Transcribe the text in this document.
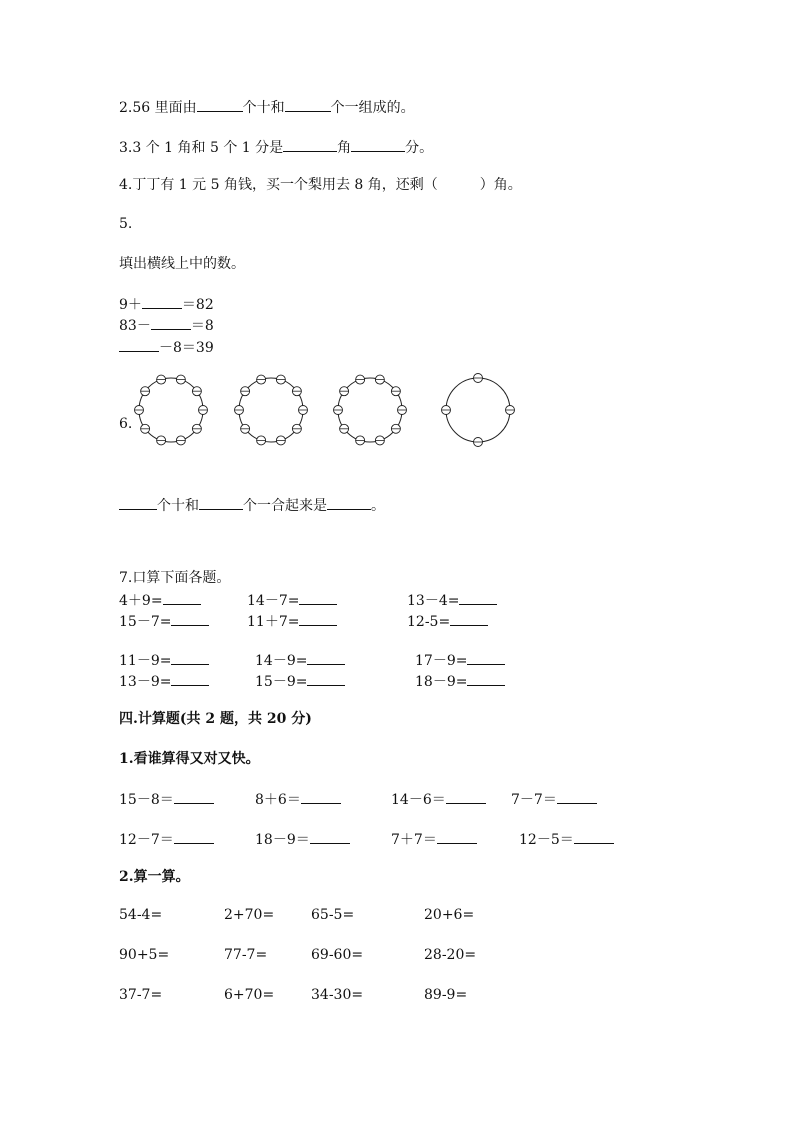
2.56 里面由	个十和	个一组成的。
3.3 个 1 角和 5 个 1 分是	角	分。
4.丁丁有 1 元 5 角钱，买一个梨用去 8 角，还剩（　　　）角。
5.
填出横线上中的数。
9＋	＝82
83－	＝8
－8＝39
6.
个十和	个一合起来是	。
7.口算下面各题。
4＋9=	14－7=	13－4=
15－7=	11＋7=	12-5=
11－9=	14－9=	17－9=
13－9=	15－9=	18－9=
四.计算题(共 2 题，共 20 分)
1.看谁算得又对又快。
15－8＝	8＋6＝	14－6＝	7－7＝
12－7＝	18－9＝	7＋7＝	12－5＝
2.算一算。
54-4=	2+70=	65-5=	20+6=
90+5=	77-7=	69-60=	28-20=
37-7=	6+70=	34-30=	89-9=
